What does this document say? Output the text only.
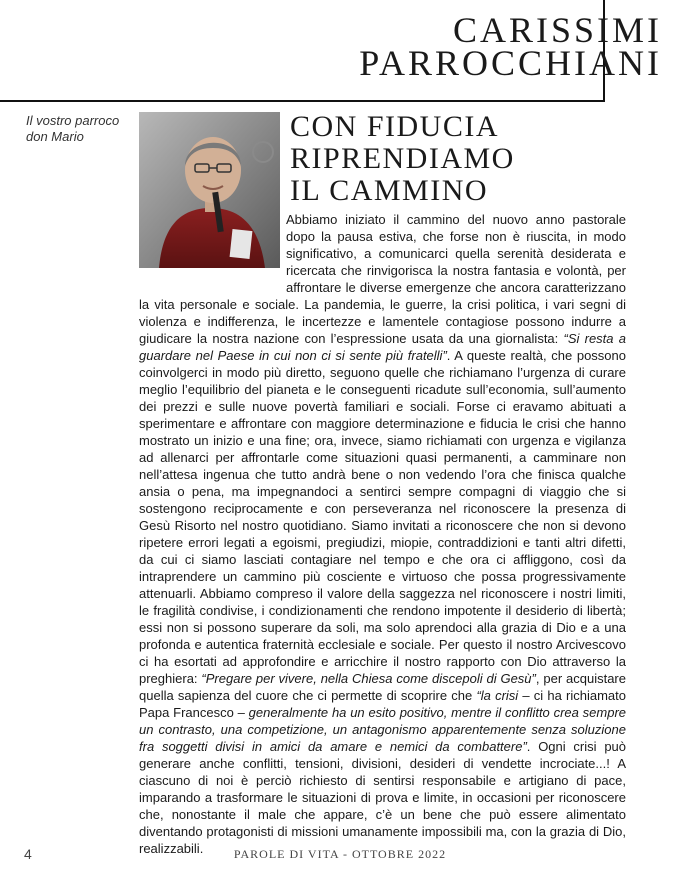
CARISSIMI
PARROCCHIANI
Il vostro parroco
don Mario	CON FIDUCIA
RIPRENDIAMO
IL CAMMINO

Abbiamo iniziato il cammino del nuovo anno pastorale dopo la pausa estiva, che forse non è riuscita, in modo significativo, a comunicarci quella serenità desiderata e ricercata che rinvigorisca la nostra fantasia e volontà, per affrontare le diverse emergenze che ancora caratterizzano la vita personale e sociale. La pandemia, le guerre, la crisi politica, i vari segni di violenza e indifferenza, le incertezze e lamentele contagiose possono indurre a giudicare la nostra nazione con l’espressione usata da una giornalista: “Si resta a guardare nel Paese in cui non ci si sente più fratelli”. A queste realtà, che possono coinvolgerci in modo più diretto, seguono quelle che richiamano l’urgenza di curare meglio l’equilibrio del pianeta e le conseguenti ricadute sull’economia, sull’aumento dei prezzi e sulle nuove povertà familiari e sociali. Forse ci eravamo abituati a sperimentare e affrontare con maggiore determinazione e fiducia le crisi che hanno mostrato un inizio e una fine; ora, invece, siamo richiamati con urgenza e vigilanza ad allenarci per affrontarle come situazioni quasi permanenti, a camminare non nell’attesa ingenua che tutto andrà bene o non vedendo l’ora che finisca qualche ansia o pena, ma impegnandoci a sentirci sempre compagni di viaggio che si sostengono reciprocamente e con perseveranza nel riconoscere la presenza di Gesù Risorto nel nostro quotidiano. Siamo invitati a riconoscere che non si devono ripetere errori legati a egoismi, pregiudizi, miopie, contraddizioni e tanti altri difetti, da cui ci siamo lasciati contagiare nel tempo e che ora ci affliggono, così da intraprendere un cammino più cosciente e virtuoso che possa progressivamente attenuarli. Abbiamo compreso il valore della saggezza nel riconoscere i nostri limiti, le fragilità condivise, i condizionamenti che rendono impotente il desiderio di libertà; essi non si possono superare da soli, ma solo aprendoci alla grazia di Dio e a una profonda e autentica fraternità ecclesiale e sociale. Per questo il nostro Arcivescovo ci ha esortati ad approfondire e arricchire il nostro rapporto con Dio attraverso la preghiera: “Pregare per vivere, nella Chiesa come discepoli di Gesù”, per acquistare quella sapienza del cuore che ci permette di scoprire che “la crisi – ci ha richiamato Papa Francesco – generalmente ha un esito positivo, mentre il conflitto crea sempre un contrasto, una competizione, un antagonismo apparentemente senza soluzione fra soggetti divisi in amici da amare e nemici da combattere”. Ogni crisi può generare anche conflitti, tensioni, divisioni, desideri di vendette incrociate...! A ciascuno di noi è perciò richiesto di sentirsi responsabile e artigiano di pace, imparando a trasformare le situazioni di prova e limite, in occasioni per riconoscere che, nonostante il male che appare, c’è un bene che può essere alimentato diventando protagonisti di missioni umanamente impossibili ma, con la grazia di Dio, realizzabili.

4	PAROLE DI VITA - OTTOBRE 2022
